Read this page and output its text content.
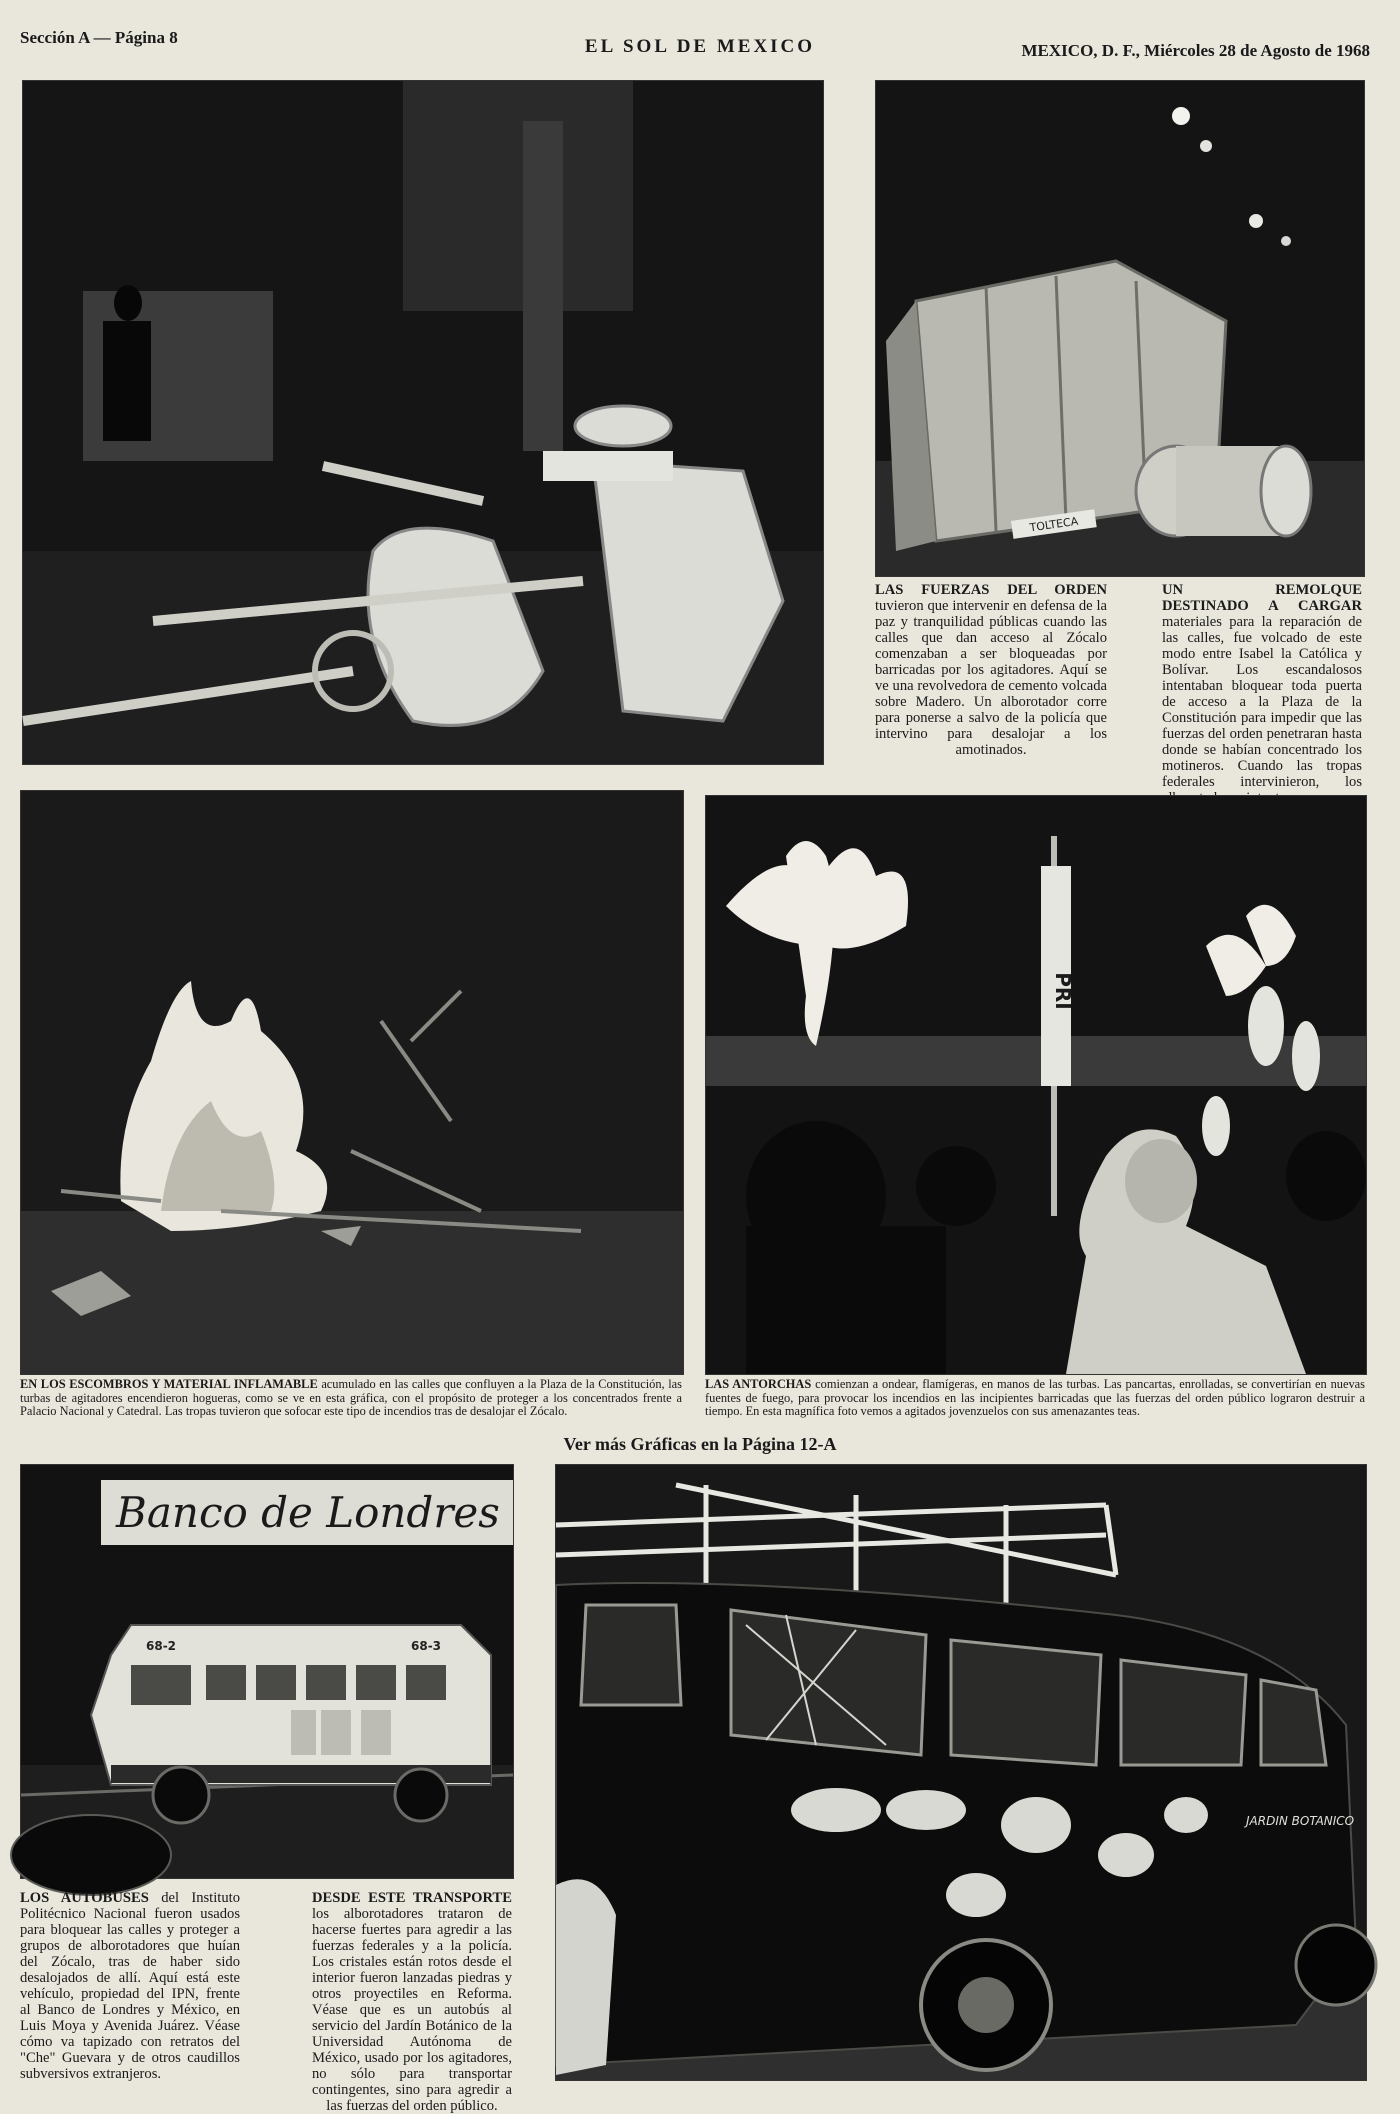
Sección A — Página 8	EL SOL DE MEXICO	MEXICO, D. F., Miércoles 28 de Agosto de 1968
TOLTECA
LAS FUERZAS DEL ORDEN tuvieron que intervenir en defensa de la paz y tranquilidad públicas cuando las calles que dan acceso al Zócalo comenzaban a ser bloqueadas por barricadas por los agitadores. Aquí se ve una revolvedora de cemento volcada sobre Madero. Un alborotador corre para ponerse a salvo de la policía que intervino para desalojar a los amotinados.
UN REMOLQUE DESTINADO A CARGAR materiales para la reparación de las calles, fue volcado de este modo entre Isabel la Católica y Bolívar. Los escandalosos intentaban bloquear toda puerta de acceso a la Plaza de la Constitución para impedir que las fuerzas del orden penetraran hasta donde se habían concentrado los motineros. Cuando las tropas federales intervinieron, los
PRI
EN LOS ESCOMBROS Y MATERIAL INFLAMABLE acumulado en las calles que confluyen a la Plaza de la Constitución, las turbas de agitadores encendieron hogueras, como se ve en esta gráfica, con el propósito de proteger a los concentrados frente a Palacio Nacional y Catedral. Las tropas tuvieron que sofocar este tipo de incendios tras de desalojar el Zócalo.
LAS ANTORCHAS comienzan a ondear, flamígeras, en manos de las turbas. Las pancartas, enrolladas, se convertirían en nuevas fuentes de fuego, para provocar los incendios en las incipientes barricadas que las fuerzas del orden público lograron destruir a tiempo. En esta magnífica foto vemos a agitados jovenzuelos con sus amenazantes teas.
Ver más Gráficas en la Página 12-A
Banco de Londres
68-2	68-3
JARDIN BOTANICO
LOS AUTOBUSES del Instituto Politécnico Nacional fueron usados para bloquear las calles y proteger a grupos de alborotadores que huían del Zócalo, tras de haber sido desalojados de allí. Aquí está este vehículo, propiedad del IPN, frente al Banco de Londres y México, en Luis Moya y Avenida Juárez. Véase cómo va tapizado con retratos del "Che" Guevara y de otros caudillos subversivos extranjeros.
DESDE ESTE TRANSPORTE los alborotadores trataron de hacerse fuertes para agredir a las fuerzas federales y a la policía. Los cristales están rotos desde el interior fueron lanzadas piedras y otros proyectiles en Reforma. Véase que es un autobús al servicio del Jardín Botánico de la Universidad Autónoma de México, usado por los agitadores, no sólo para transportar contingentes, sino para agredir a las fuerzas del orden público.
